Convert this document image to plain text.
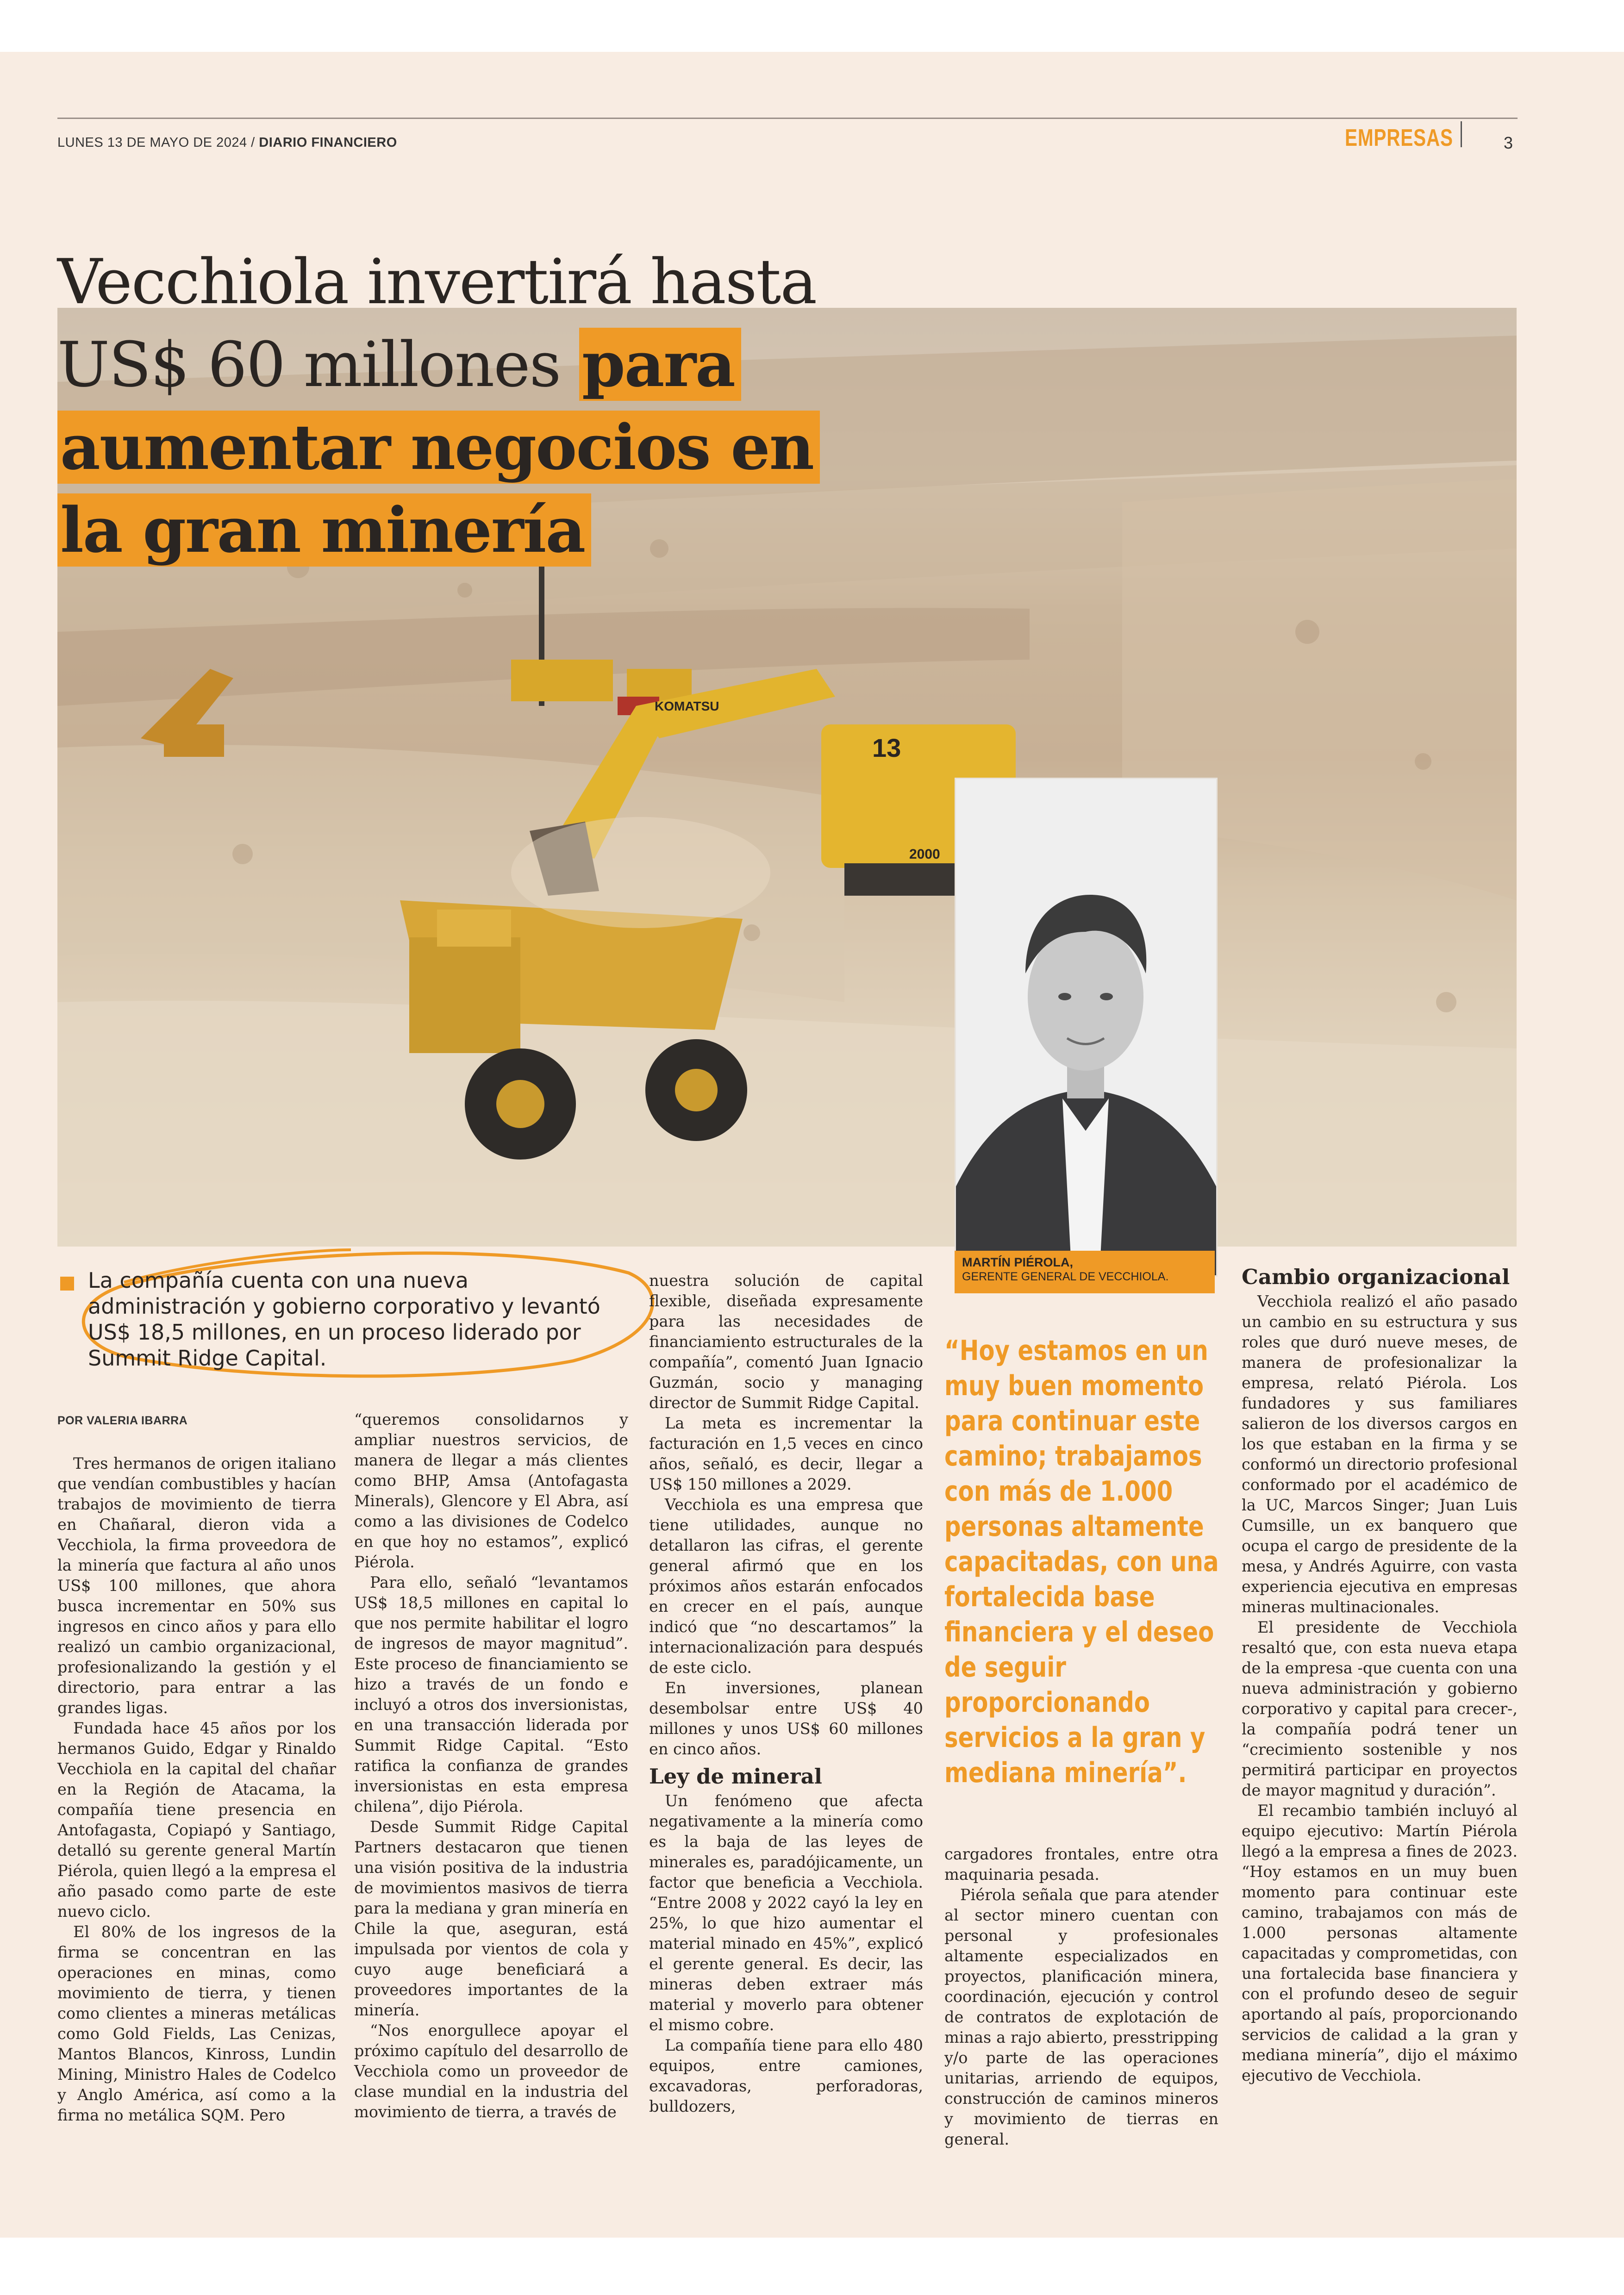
LUNES 13 DE MAYO DE 2024 / DIARIO FINANCIERO	EMPRESAS	3
KOMATSU
13
2000
Vecchiola invertirá hasta
US$ 60 millones para
aumentar negocios en
la gran minería
MARTÍN PIÉROLA,
GERENTE GENERAL DE VECCHIOLA.
La compañía cuenta con una nueva administración y gobierno corporativo y levantó US$ 18,5 millones, en un proceso liderado por Summit Ridge Capital.
POR VALERIA IBARRA

Tres hermanos de origen italiano que vendían combustibles y hacían trabajos de movimiento de tierra en Chañaral, dieron vida a Vecchiola, la firma proveedora de la minería que factura al año unos US$ 100 millones, que ahora busca incrementar en 50% sus ingresos en cinco años y para ello realizó un cambio organizacional, profesionalizando la gestión y el directorio, para entrar a las grandes ligas.

Fundada hace 45 años por los hermanos Guido, Edgar y Rinaldo Vecchiola en la capital del chañar en la Región de Atacama, la compañía tiene presencia en Antofagasta, Copiapó y Santiago, detalló su gerente general Martín Piérola, quien llegó a la empresa el año pasado como parte de este nuevo ciclo.

El 80% de los ingresos de la firma se concentran en las operaciones en minas, como movimiento de tierra, y tienen como clientes a mineras metálicas como Gold Fields, Las Cenizas, Mantos Blancos, Kinross, Lundin Mining, Ministro Hales de Codelco y Anglo América, así como a la firma no metálica SQM. Pero

“queremos consolidarnos y ampliar nuestros servicios, de manera de llegar a más clientes como BHP, Amsa (Antofagasta Minerals), Glencore y El Abra, así como a las divisiones de Codelco en que hoy no estamos”, explicó Piérola.

Para ello, señaló “levantamos US$ 18,5 millones en capital lo que nos permite habilitar el logro de ingresos de mayor magnitud”. Este proceso de financiamiento se hizo a través de un fondo e incluyó a otros dos inversionistas, en una transacción liderada por Summit Ridge Capital. “Esto ratifica la confianza de grandes inversionistas en esta empresa chilena”, dijo Piérola.

Desde Summit Ridge Capital Partners destacaron que tienen una visión positiva de la industria de movimientos masivos de tierra para la mediana y gran minería en Chile la que, aseguran, está impulsada por vientos de cola y cuyo auge beneficiará a proveedores importantes de la minería.

“Nos enorgullece apoyar el próximo capítulo del desarrollo de Vecchiola como un proveedor de clase mundial en la industria del movimiento de tierra, a través de

nuestra solución de capital flexible, diseñada expresamente para las necesidades de financiamiento estructurales de la compañía”, comentó Juan Ignacio Guzmán, socio y managing director de Summit Ridge Capital.

La meta es incrementar la facturación en 1,5 veces en cinco años, señaló, es decir, llegar a US$ 150 millones a 2029.

Vecchiola es una empresa que tiene utilidades, aunque no detallaron las cifras, el gerente general afirmó que en los próximos años estarán enfocados en crecer en el país, aunque indicó que “no descartamos” la internacionalización para después de este ciclo.

En inversiones, planean desembolsar entre US$ 40 millones y unos US$ 60 millones en cinco años.

Ley de mineral

Un fenómeno que afecta negativamente a la minería como es la baja de las leyes de minerales es, paradójicamente, un factor que beneficia a Vecchiola. “Entre 2008 y 2022 cayó la ley en 25%, lo que hizo aumentar el material minado en 45%”, explicó el gerente general. Es decir, las mineras deben extraer más material y moverlo para obtener el mismo cobre.

La compañía tiene para ello 480 equipos, entre camiones, excavadoras, perforadoras, bulldozers,

“Hoy estamos en un muy buen momento para continuar este camino; trabajamos con más de 1.000 personas altamente capacitadas, con una fortalecida base financiera y el deseo de seguir proporcionando servicios a la gran y mediana minería”.

cargadores frontales, entre otra maquinaria pesada.

Piérola señala que para atender al sector minero cuentan con personal y profesionales altamente especializados en proyectos, planificación minera, coordinación, ejecución y control de contratos de explotación de minas a rajo abierto, presstripping y/o parte de las operaciones unitarias, arriendo de equipos, construcción de caminos mineros y movimiento de tierras en general.

Cambio organizacional

Vecchiola realizó el año pasado un cambio en su estructura y sus roles que duró nueve meses, de manera de profesionalizar la empresa, relató Piérola. Los fundadores y sus familiares salieron de los diversos cargos en los que estaban en la firma y se conformó un directorio profesional conformado por el académico de la UC, Marcos Singer; Juan Luis Cumsille, un ex banquero que ocupa el cargo de presidente de la mesa, y Andrés Aguirre, con vasta experiencia ejecutiva en empresas mineras multinacionales.

El presidente de Vecchiola resaltó que, con esta nueva etapa de la empresa -que cuenta con una nueva administración y gobierno corporativo y capital para crecer-, la compañía podrá tener un “crecimiento sostenible y nos permitirá participar en proyectos de mayor magnitud y duración”.

El recambio también incluyó al equipo ejecutivo: Martín Piérola llegó a la empresa a fines de 2023. “Hoy estamos en un muy buen momento para continuar este camino, trabajamos con más de 1.000 personas altamente capacitadas y comprometidas, con una fortalecida base financiera y con el profundo deseo de seguir aportando al país, proporcionando servicios de calidad a la gran y mediana minería”, dijo el máximo ejecutivo de Vecchiola.
